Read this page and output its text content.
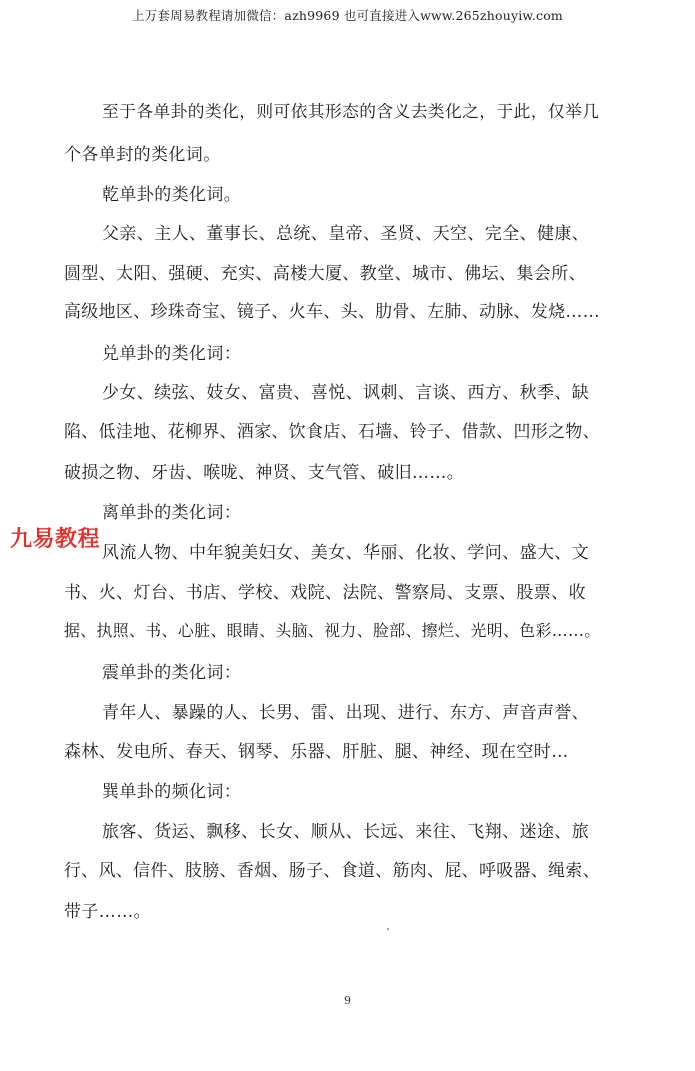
上万套周易教程请加微信：azh9969 也可直接进入www.265zhouyiw.com
至于各单卦的类化，则可依其形态的含义去类化之，于此，仅举几
个各单封的类化词。
乾单卦的类化词。
父亲、主人、董事长、总统、皇帝、圣贤、天空、完全、健康、
圆型、太阳、强硬、充实、高楼大厦、教堂、城市、佛坛、集会所、
高级地区、珍珠奇宝、镜子、火车、头、肋骨、左肺、动脉、发烧……
兑单卦的类化词：
少女、续弦、妓女、富贵、喜悦、讽刺、言谈、西方、秋季、缺
陷、低洼地、花柳界、酒家、饮食店、石墙、铃子、借款、凹形之物、
破损之物、牙齿、喉咙、神贤、支气管、破旧……。
离单卦的类化词：
风流人物、中年貌美妇女、美女、华丽、化妆、学问、盛大、文
书、火、灯台、书店、学校、戏院、法院、警察局、支票、股票、收
据、执照、书、心脏、眼睛、头脑、视力、脸部、擦烂、光明、色彩……。
震单卦的类化词：
青年人、暴躁的人、长男、雷、出现、进行、东方、声音声誉、
森林、发电所、春天、钢琴、乐器、肝脏、腿、神经、现在空时…
巽单卦的频化词：
旅客、货运、飘移、长女、顺从、长远、来往、飞翔、迷途、旅
行、风、信件、肢膀、香烟、肠子、食道、筋肉、屁、呼吸器、绳索、
带子……。
九易教程
9
